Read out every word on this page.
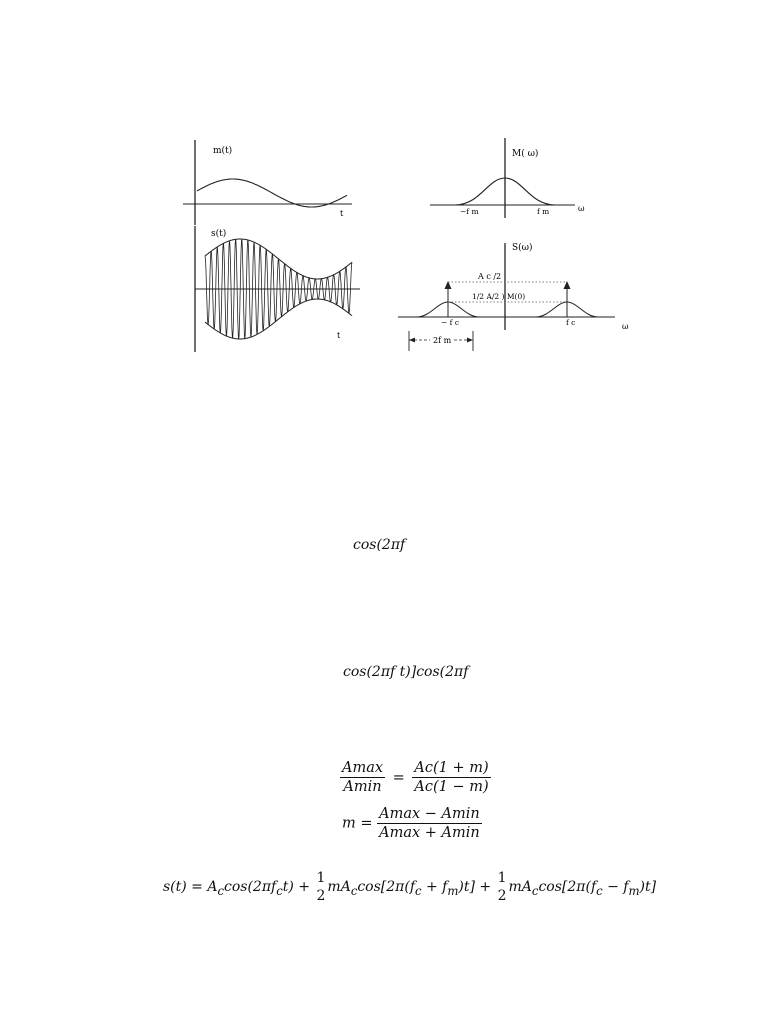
m(t)
t
M( ω)
−f m	f m	ω
s(t)
t
S(ω)
A c /2
1/2 A/2 ) M(0)
− f c	f c	ω
2f m
cos(2πf
cos(2πf t)]cos(2πf
$\frac{Amax}{Amin} = \frac{Ac(1 + m)}{Ac(1 - m)}$
$m = \frac{Amax - Amin}{Amax + Amin}$
$s(t) = A_c\cos(2\pi f_ct)$ +
1
2
$mA_c\cos[2\pi(f_c + f_m)t]$ +
1
2
$mA_c\cos[2\pi(f_c - f_m)t]$
